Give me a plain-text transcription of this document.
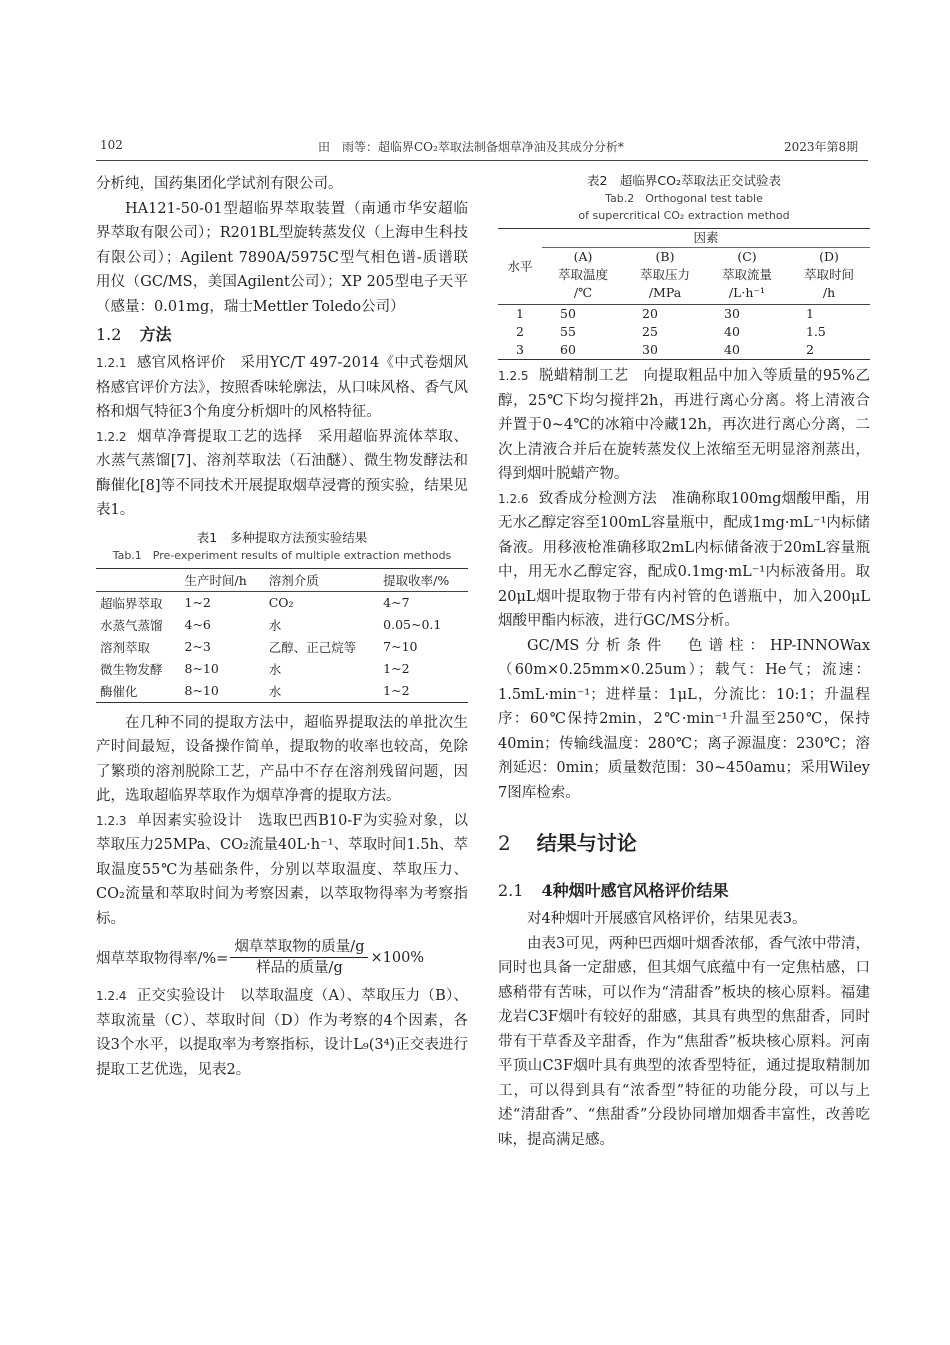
102	田　雨等：超临界CO₂萃取法制备烟草净油及其成分分析*	2023年第8期

分析纯，国药集团化学试剂有限公司。

HA121-50-01型超临界萃取装置（南通市华安超临界萃取有限公司）；R201BL型旋转蒸发仪（上海申生科技有限公司）；Agilent 7890A/5975C型气相色谱-质谱联用仪（GC/MS，美国Agilent公司）；XP 205型电子天平（感量：0.01mg，瑞士Mettler Toledo公司）

1.2 方法

1.2.1 感官风格评价　采用YC/T 497-2014《中式卷烟风格感官评价方法》，按照香味轮廓法，从口味风格、香气风格和烟气特征3个角度分析烟叶的风格特征。

1.2.2 烟草净膏提取工艺的选择　采用超临界流体萃取、水蒸气蒸馏[7]、溶剂萃取法（石油醚）、微生物发酵法和酶催化[8]等不同技术开展提取烟草浸膏的预实验，结果见表1。

表1　多种提取方法预实验结果
Tab.1　Pre-experiment results of multiple extraction methods
	生产时间/h	溶剂介质	提取收率/%
超临界萃取	1~2	CO₂	4~7
水蒸气蒸馏	4~6	水	0.05~0.1
溶剂萃取	2~3	乙醇、正己烷等	7~10
微生物发酵	8~10	水	1~2
酶催化	8~10	水	1~2

在几种不同的提取方法中，超临界提取法的单批次生产时间最短，设备操作简单，提取物的收率也较高，免除了繁琐的溶剂脱除工艺，产品中不存在溶剂残留问题，因此，选取超临界萃取作为烟草净膏的提取方法。

1.2.3 单因素实验设计　选取巴西B10-F为实验对象，以萃取压力25MPa、CO₂流量40L·h⁻¹、萃取时间1.5h、萃取温度55℃为基础条件，分别以萃取温度、萃取压力、CO₂流量和萃取时间为考察因素，以萃取物得率为考察指标。

烟草萃取物得率/%= $\frac{\text{烟草萃取物的质量/g}}{\text{样品的质量/g}} \times 100\%$

1.2.4 正交实验设计　以萃取温度（A）、萃取压力（B）、萃取流量（C）、萃取时间（D）作为考察的4个因素，各设3个水平，以提取率为考察指标，设计L₉(3⁴)正交表进行提取工艺优选，见表2。

表2　超临界CO₂萃取法正交试验表
Tab.2　Orthogonal test table
of supercritical CO₂ extraction method
水平	因素			
	(A)	(B)	(C)	(D)
	萃取温度	萃取压力	萃取流量	萃取时间
	/℃	/MPa	/L·h⁻¹	/h
1	50	20	30	1
2	55	25	40	1.5
3	60	30	40	2

1.2.5 脱蜡精制工艺　向提取粗品中加入等质量的95%乙醇，25℃下均匀搅拌2h，再进行离心分离。将上清液合并置于0~4℃的冰箱中冷藏12h，再次进行离心分离，二次上清液合并后在旋转蒸发仪上浓缩至无明显溶剂蒸出，得到烟叶脱蜡产物。

1.2.6 致香成分检测方法　准确称取100mg烟酸甲酯，用无水乙醇定容至100mL容量瓶中，配成1mg·mL⁻¹内标储备液。用移液枪准确移取2mL内标储备液于20mL容量瓶中，用无水乙醇定容，配成0.1mg·mL⁻¹内标液备用。取20μL烟叶提取物于带有内衬管的色谱瓶中，加入200μL烟酸甲酯内标液，进行GC/MS分析。

GC/MS分析条件　色谱柱：HP-INNOWax（60m×0.25mm×0.25um）；载气：He气；流速：1.5mL·min⁻¹；进样量：1μL，分流比：10:1；升温程序：60℃保持2min，2℃·min⁻¹升温至250℃，保持40min；传输线温度：280℃；离子源温度：230℃；溶剂延迟：0min；质量数范围：30~450amu；采用Wiley 7图库检索。

2 结果与讨论
2.1 4种烟叶感官风格评价结果

对4种烟叶开展感官风格评价，结果见表3。

由表3可见，两种巴西烟叶烟香浓郁，香气浓中带清，同时也具备一定甜感，但其烟气底蕴中有一定焦枯感，口感稍带有苦味，可以作为“清甜香”板块的核心原料。福建龙岩C3F烟叶有较好的甜感，其具有典型的焦甜香，同时带有干草香及辛甜香，作为“焦甜香”板块核心原料。河南平顶山C3F烟叶具有典型的浓香型特征，通过提取精制加工，可以得到具有“浓香型”特征的功能分段，可以与上述“清甜香”、“焦甜香”分段协同增加烟香丰富性，改善吃味，提高满足感。
